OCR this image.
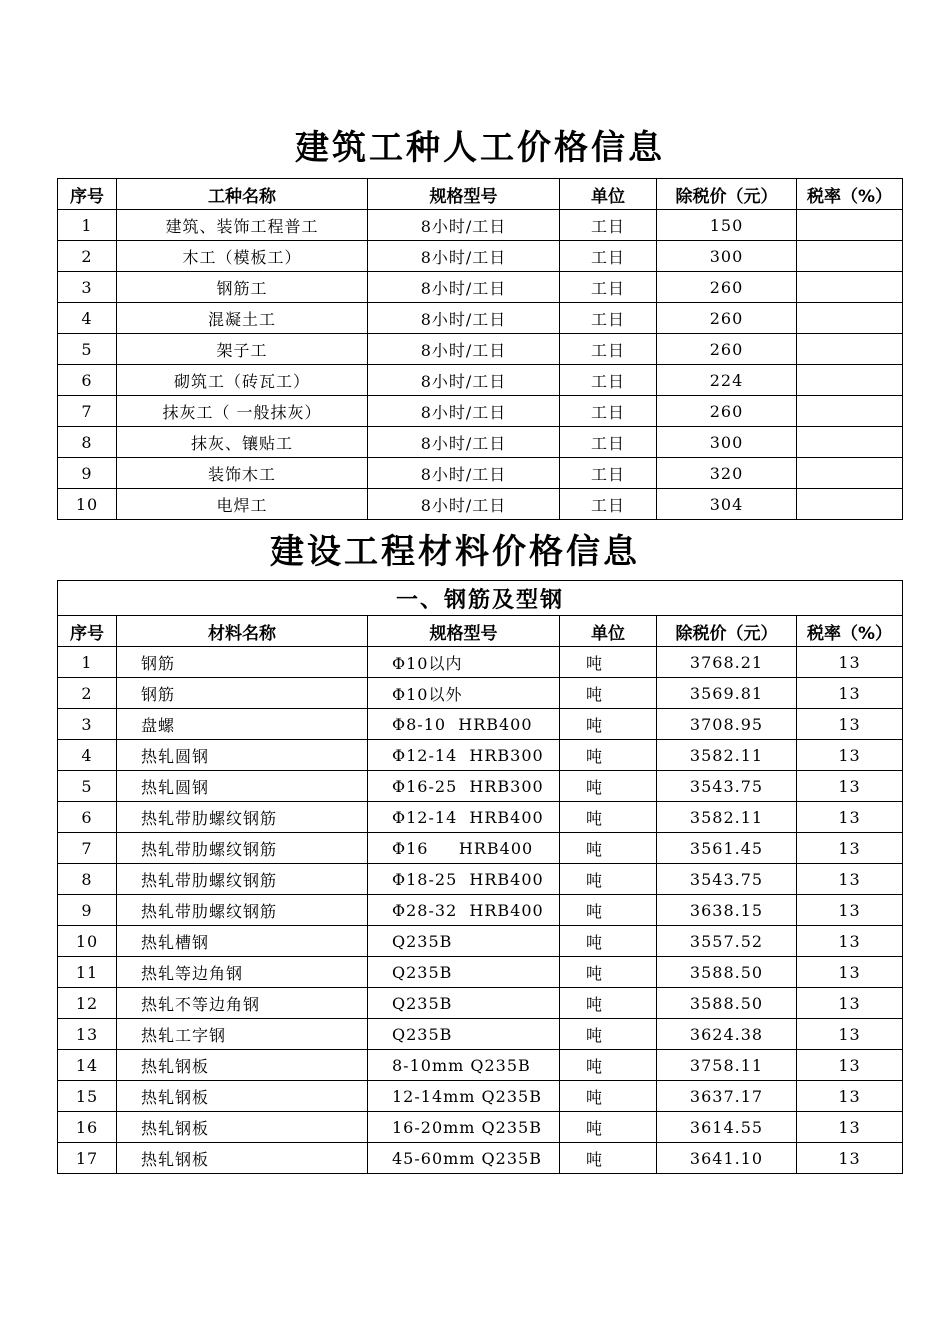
建筑工种人工价格信息
序号	工种名称	规格型号	单位	除税价（元）	税率（%）
1	建筑、装饰工程普工	8小时/工日	工日	150	
2	木工（模板工）	8小时/工日	工日	300	
3	钢筋工	8小时/工日	工日	260	
4	混凝土工	8小时/工日	工日	260	
5	架子工	8小时/工日	工日	260	
6	砌筑工（砖瓦工）	8小时/工日	工日	224	
7	抹灰工（ 一般抹灰）	8小时/工日	工日	260	
8	抹灰、镶贴工	8小时/工日	工日	300	
9	装饰木工	8小时/工日	工日	320	
10	电焊工	8小时/工日	工日	304	
建设工程材料价格信息
一、钢筋及型钢					
序号	材料名称	规格型号	单位	除税价（元）	税率（%）
1	钢筋	Φ10以内	吨	3768.21	13
2	钢筋	Φ10以外	吨	3569.81	13
3	盘螺	Φ8-10  HRB400	吨	3708.95	13
4	热轧圆钢	Φ12-14  HRB300	吨	3582.11	13
5	热轧圆钢	Φ16-25  HRB300	吨	3543.75	13
6	热轧带肋螺纹钢筋	Φ12-14  HRB400	吨	3582.11	13
7	热轧带肋螺纹钢筋	Φ16     HRB400	吨	3561.45	13
8	热轧带肋螺纹钢筋	Φ18-25  HRB400	吨	3543.75	13
9	热轧带肋螺纹钢筋	Φ28-32  HRB400	吨	3638.15	13
10	热轧槽钢	Q235B	吨	3557.52	13
11	热轧等边角钢	Q235B	吨	3588.50	13
12	热轧不等边角钢	Q235B	吨	3588.50	13
13	热轧工字钢	Q235B	吨	3624.38	13
14	热轧钢板	8-10mm Q235B	吨	3758.11	13
15	热轧钢板	12-14mm Q235B	吨	3637.17	13
16	热轧钢板	16-20mm Q235B	吨	3614.55	13
17	热轧钢板	45-60mm Q235B	吨	3641.10	13
